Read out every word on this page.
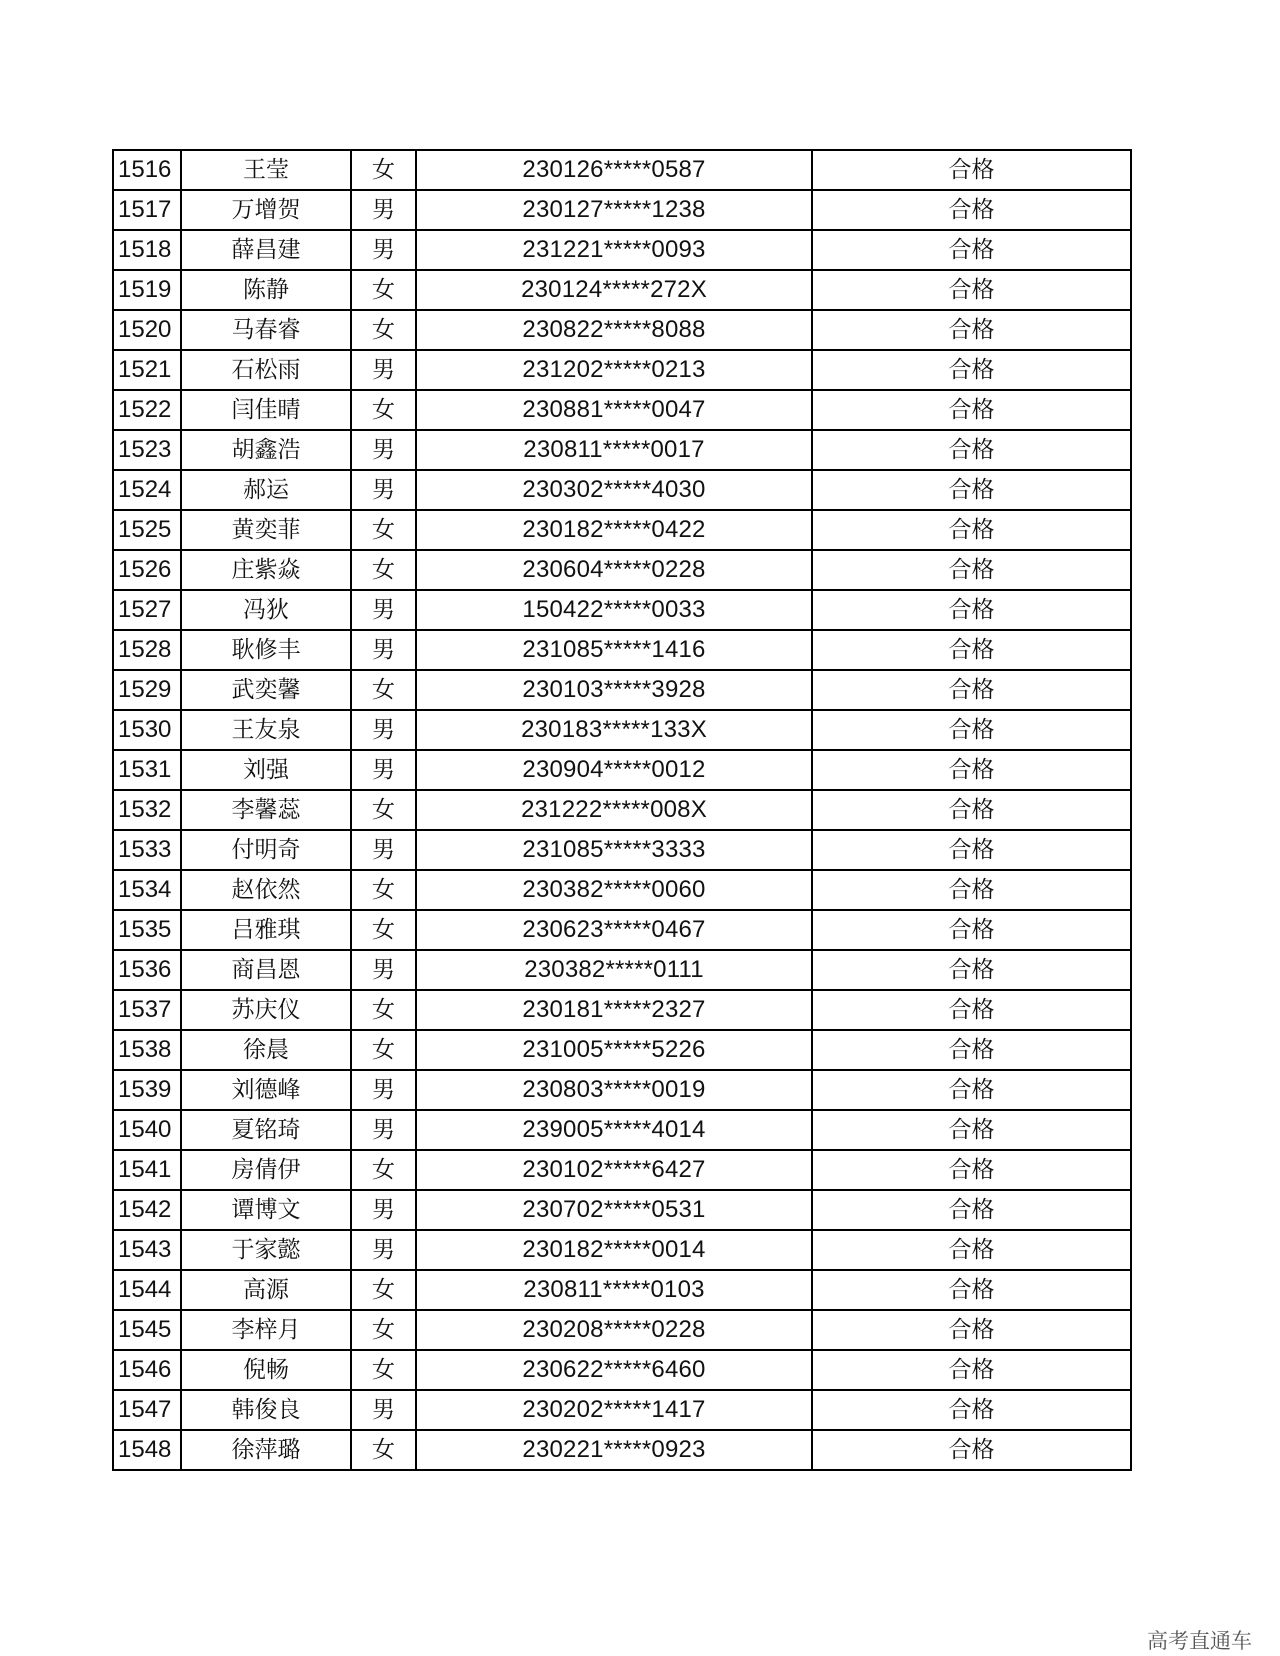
1516	王莹	女	230126*****0587	合格
1517	万增贺	男	230127*****1238	合格
1518	薛昌建	男	231221*****0093	合格
1519	陈静	女	230124*****272X	合格
1520	马春睿	女	230822*****8088	合格
1521	石松雨	男	231202*****0213	合格
1522	闫佳晴	女	230881*****0047	合格
1523	胡鑫浩	男	230811*****0017	合格
1524	郝运	男	230302*****4030	合格
1525	黄奕菲	女	230182*****0422	合格
1526	庄紫焱	女	230604*****0228	合格
1527	冯狄	男	150422*****0033	合格
1528	耿修丰	男	231085*****1416	合格
1529	武奕馨	女	230103*****3928	合格
1530	王友泉	男	230183*****133X	合格
1531	刘强	男	230904*****0012	合格
1532	李馨蕊	女	231222*****008X	合格
1533	付明奇	男	231085*****3333	合格
1534	赵依然	女	230382*****0060	合格
1535	吕雅琪	女	230623*****0467	合格
1536	商昌恩	男	230382*****0111	合格
1537	苏庆仪	女	230181*****2327	合格
1538	徐晨	女	231005*****5226	合格
1539	刘德峰	男	230803*****0019	合格
1540	夏铭琦	男	239005*****4014	合格
1541	房倩伊	女	230102*****6427	合格
1542	谭博文	男	230702*****0531	合格
1543	于家懿	男	230182*****0014	合格
1544	高源	女	230811*****0103	合格
1545	李梓月	女	230208*****0228	合格
1546	倪畅	女	230622*****6460	合格
1547	韩俊良	男	230202*****1417	合格
1548	徐萍璐	女	230221*****0923	合格
高考直通车
